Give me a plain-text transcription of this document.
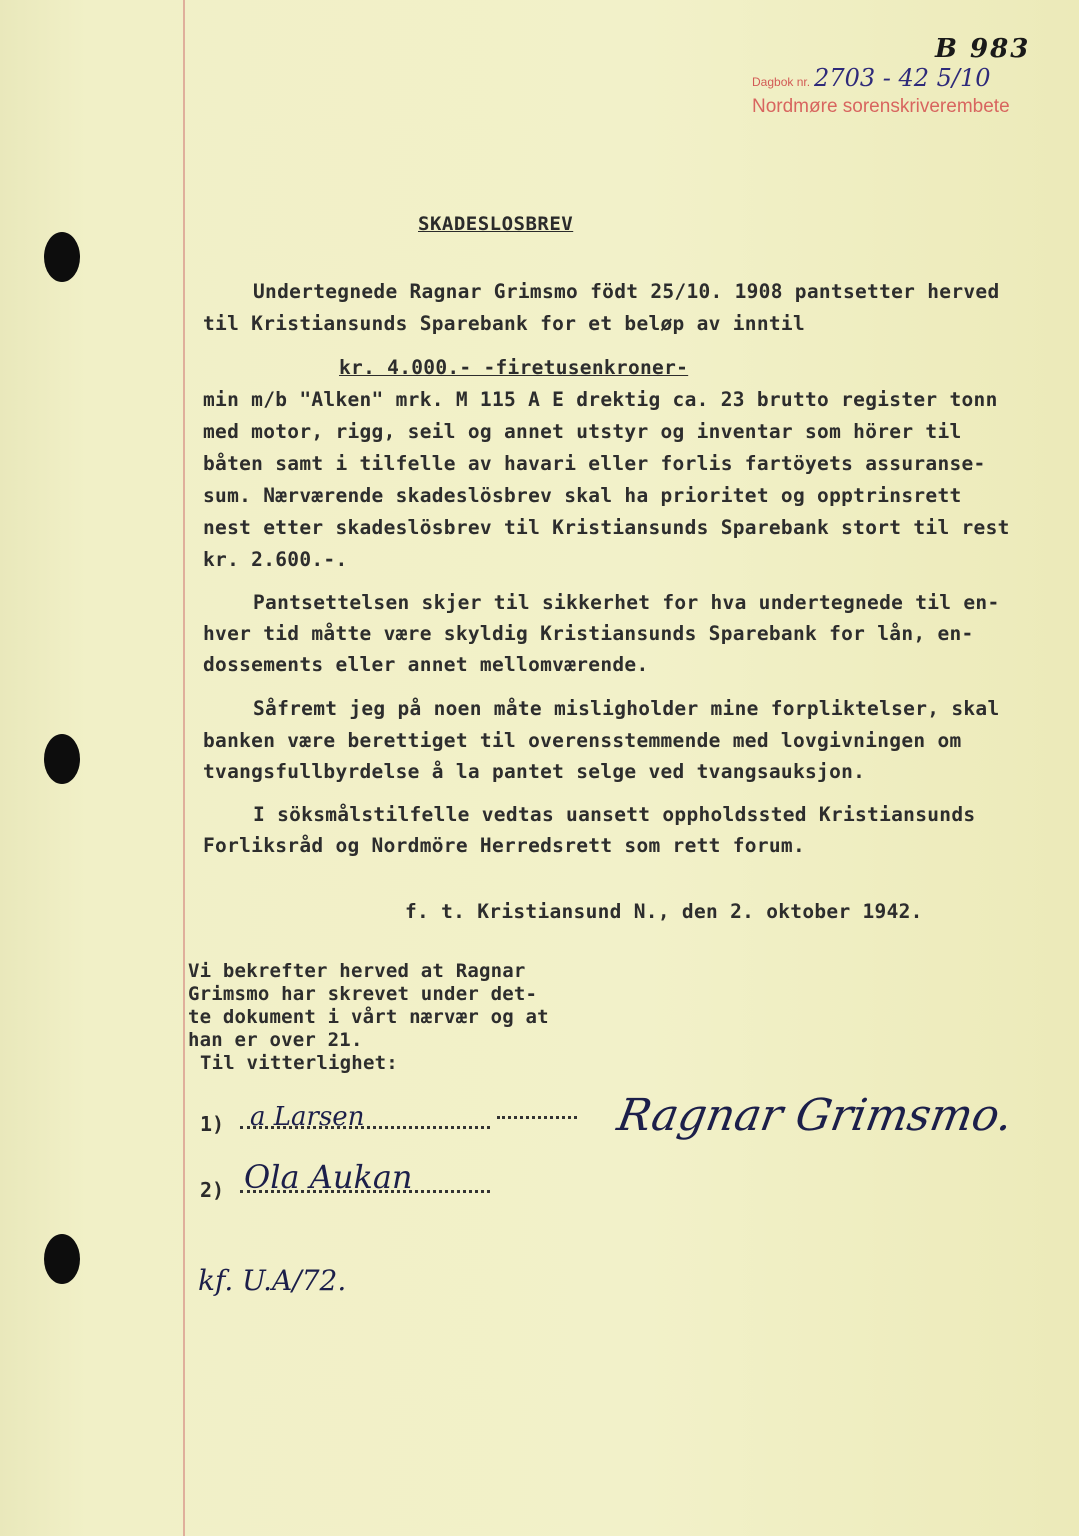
B 983
Dagbok nr. 2703 - 42 5/10
Nordmøre sorenskriverembete
SKADESLOSBREV
Undertegnede Ragnar Grimsmo födt 25/10. 1908 pantsetter herved
til Kristiansunds Sparebank for et beløp av inntil
kr. 4.000.- -firetusenkroner-
min m/b "Alken" mrk. M 115 A E drektig ca. 23 brutto register tonn
med motor, rigg, seil og annet utstyr og inventar som hörer til
båten samt i tilfelle av havari eller forlis fartöyets assuranse-
sum. Nærværende skadeslösbrev skal ha prioritet og opptrinsrett
nest etter skadeslösbrev til Kristiansunds Sparebank stort til rest
kr. 2.600.-.
Pantsettelsen skjer til sikkerhet for hva undertegnede til en-
hver tid måtte være skyldig Kristiansunds Sparebank for lån, en-
dossements eller annet mellomværende.
Såfremt jeg på noen måte misligholder mine forpliktelser, skal
banken være berettiget til overensstemmende med lovgivningen om
tvangsfullbyrdelse å la pantet selge ved tvangsauksjon.
I söksmålstilfelle vedtas uansett oppholdssted Kristiansunds
Forliksråd og Nordmöre Herredsrett som rett forum.
f. t. Kristiansund N., den 2. oktober 1942.
Vi bekrefter herved at Ragnar
Grimsmo har skrevet under det-
te dokument i vårt nærvær og at
han er over 21.
Til vitterlighet:
1) a Larsen
2) Ola Aukan
Ragnar Grimsmo.
kf. U.A/72.
